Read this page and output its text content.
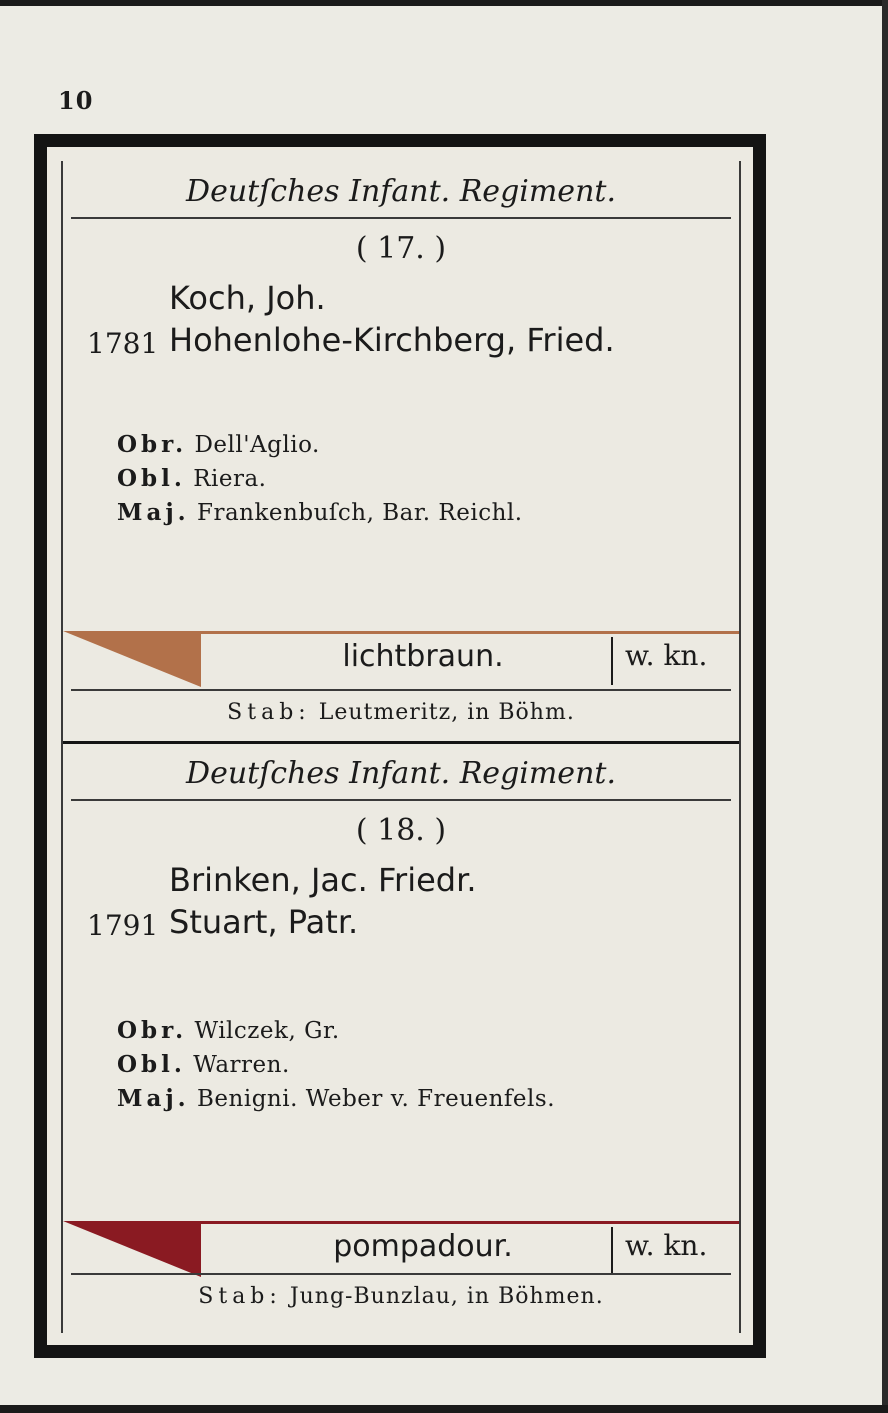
10
Deutſches Infant. Regiment.
( 17. )
Koch, Joh.
1781 Hohenlohe-Kirchberg, Fried.
Obr. Dell'Aglio.
Obl. Riera.
Maj. Frankenbuſch, Bar. Reichl.
lichtbraun.	w. kn.
Stab: Leutmeritz, in Böhm.
Deutſches Infant. Regiment.
( 18. )
Brinken, Jac. Friedr.
1791 Stuart, Patr.
Obr. Wilczek, Gr.
Obl. Warren.
Maj. Benigni. Weber v. Freuenfels.
pompadour.	w. kn.
Stab: Jung-Bunzlau, in Böhmen.
